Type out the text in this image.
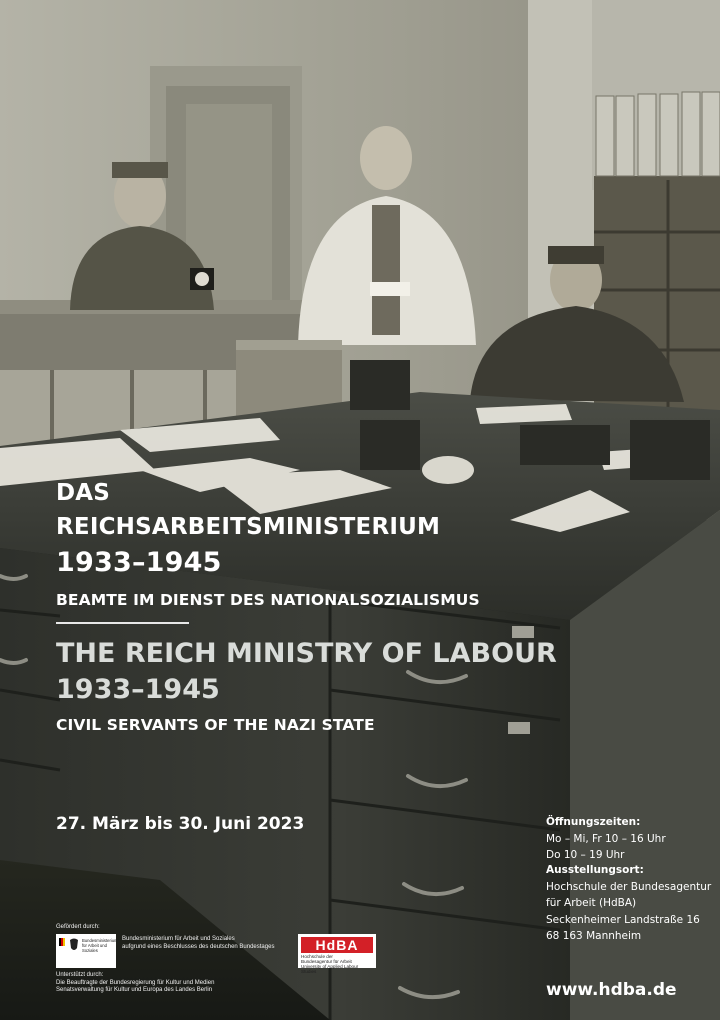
DAS
REICHSARBEITSMINISTERIUM
1933–1945
BEAMTE IM DIENST DES NATIONALSOZIALISMUS
THE REICH MINISTRY OF LABOUR
1933–1945
CIVIL SERVANTS OF THE NAZI STATE
27. März bis 30. Juni 2023	Öffnungszeiten:
Mo – Mi, Fr 10 – 16 Uhr
Do 10 – 19 Uhr
Ausstellungsort:
Hochschule der Bundesagentur
für Arbeit (HdBA)
Seckenheimer Landstraße 16
68 163 Mannheim
www.hdba.de
Gefördert durch:
Bundesministerium für Arbeit und Soziales
Bundesministerium für Arbeit und Soziales
aufgrund eines Beschlusses des deutschen Bundestages
Unterstützt durch:
Die Beauftragte der Bundesregierung für Kultur und Medien
Senatsverwaltung für Kultur und Europa des Landes Berlin
HdBA
Hochschule der
Bundesagentur für Arbeit
University of Applied Labour Studies
